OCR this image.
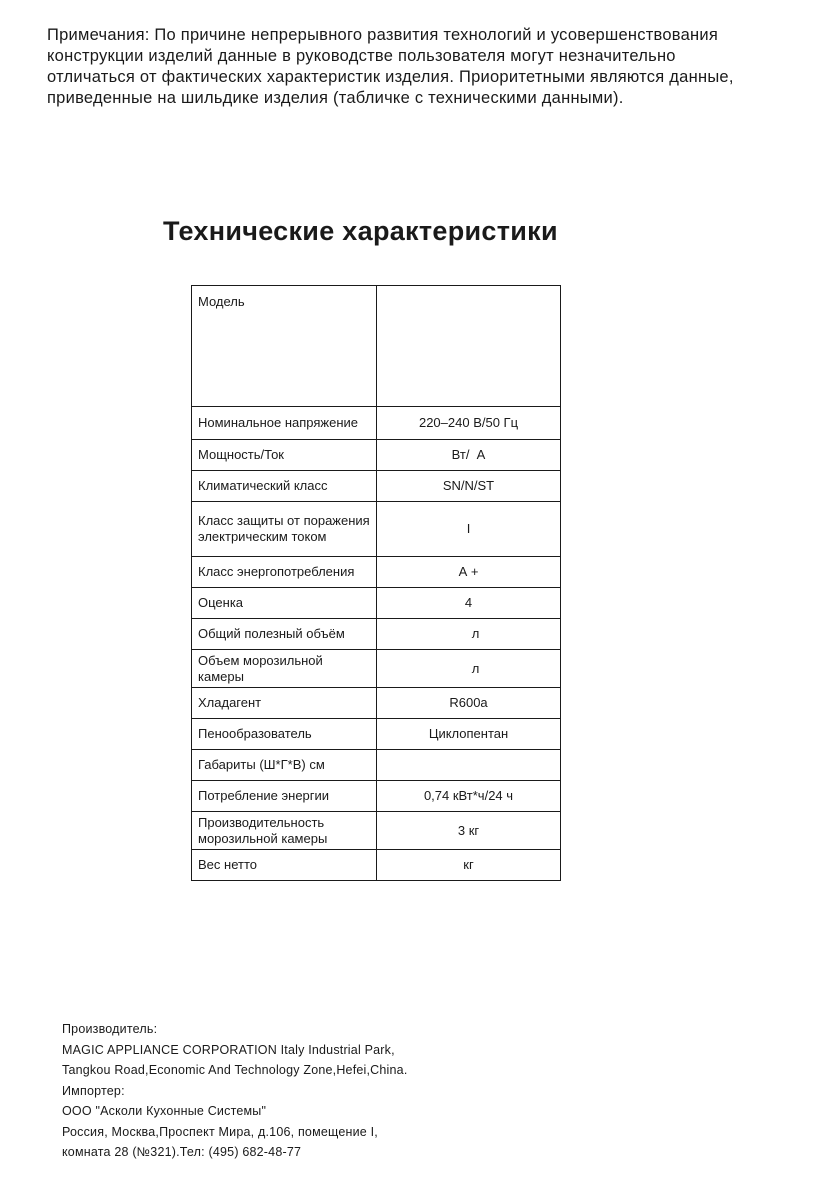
Примечания: По причине непрерывного развития технологий и усовершенствования
конструкции изделий данные в руководстве пользователя могут незначительно
отличаться от фактических характеристик изделия. Приоритетными являются данные,
приведенные на шильдике изделия (табличке с техническими данными).
Технические характеристики
Модель	
Номинальное напряжение	220–240 В/50 Гц
Мощность/Ток	Вт/  А
Климатический класс	SN/N/ST
Класс защиты от поражения электрическим током	I
Класс энергопотребления	А +
Оценка	4
Общий полезный объём	л
Объем морозильной камеры	л
Хладагент	R600a
Пенообразователь	Циклопентан
Габариты (Ш*Г*В) см	
Потребление энергии	0,74 кВт*ч/24 ч
Производительность морозильной камеры	3 кг
Вес нетто	кг
Производитель:
MAGIC APPLIANCE CORPORATION Italy Industrial Park,
Tangkou Road,Economic And Technology Zone,Hefei,China.
Импортер:
ООО "Асколи Кухонные Системы"
Россия, Москва,Проспект Мира, д.106, помещение I,
комната 28 (№321).Тел: (495) 682-48-77
